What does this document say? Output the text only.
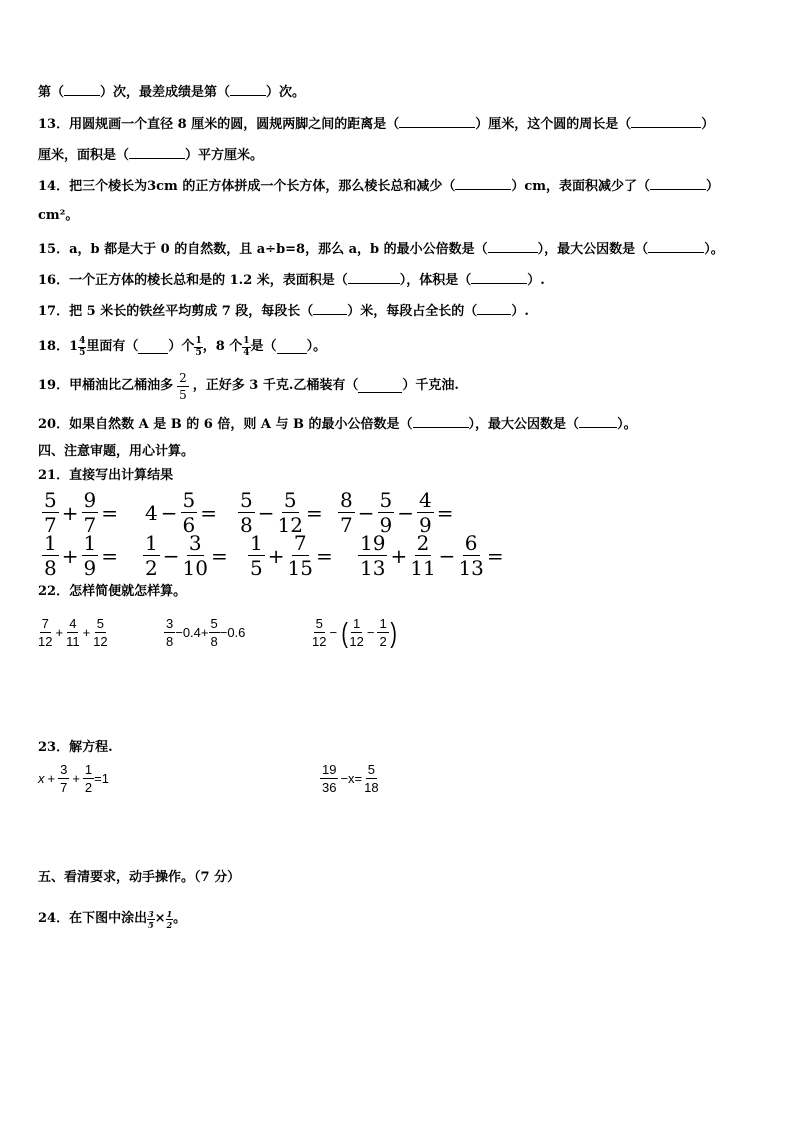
第（	）次，最差成绩是第（	）次。
13．用圆规画一个直径 8 厘米的圆，圆规两脚之间的距离是（	）厘米，这个圆的周长是（	）
厘米，面积是（	）平方厘米。
14．把三个棱长为3cm 的正方体拼成一个长方体，那么棱长总和减少（	）cm，表面积减少了（	）
cm²。
15．a，b 都是大于 0 的自然数，且 a÷b=8，那么 a，b 的最小公倍数是（	），最大公因数是（	）。
16．一个正方体的棱长总和是的 1.2 米，表面积是（	），体积是（	）.
17．把 5 米长的铁丝平均剪成 7 段，每段长（	）米，每段占全长的（	）.
18． $1 \frac{4}{5}$ 里面有（ ）个 $\frac{1}{5}$ ，8 个 $\frac{1}{4}$ 是（ ）。
19．甲桶油比乙桶油多 $\frac{2}{5}$ ，正好多 3 千克.乙桶装有（	）千克油.
20．如果自然数 A 是 B 的 6 倍，则 A 与 B 的最小公倍数是（	），最大公因数是（	）。
四、注意审题，用心计算。
21．直接写出计算结果
$\frac{5}{7} + \frac{9}{7} = 4 - \frac{5}{6} = \frac{5}{8} - \frac{5}{12} = \frac{8}{7} - \frac{5}{9} - \frac{4}{9}$ =
$\frac{1}{8} + \frac{1}{9} = \frac{1}{2} - \frac{3}{10} = \frac{1}{5} + \frac{7}{15} = \frac{19}{13} + \frac{2}{11} - \frac{6}{13}$ =
22．怎样简便就怎样算。
$\frac{7}{12} + \frac{4}{11} + \frac{5}{12}$	$\frac{3}{8} -0.4+ \frac{5}{8} -0.6$	$\frac{5}{12}$ − ( $\frac{1}{12} - \frac{1}{2}$ )
23．解方程.
$x + \frac{3}{7} + \frac{1}{2} =1$	$\frac{19}{36} -x= \frac{5}{18}$
五、看清要求，动手操作。（7 分）
24．在下图中涂出 $\frac{3}{5} \times \frac{1}{2}$ 。
